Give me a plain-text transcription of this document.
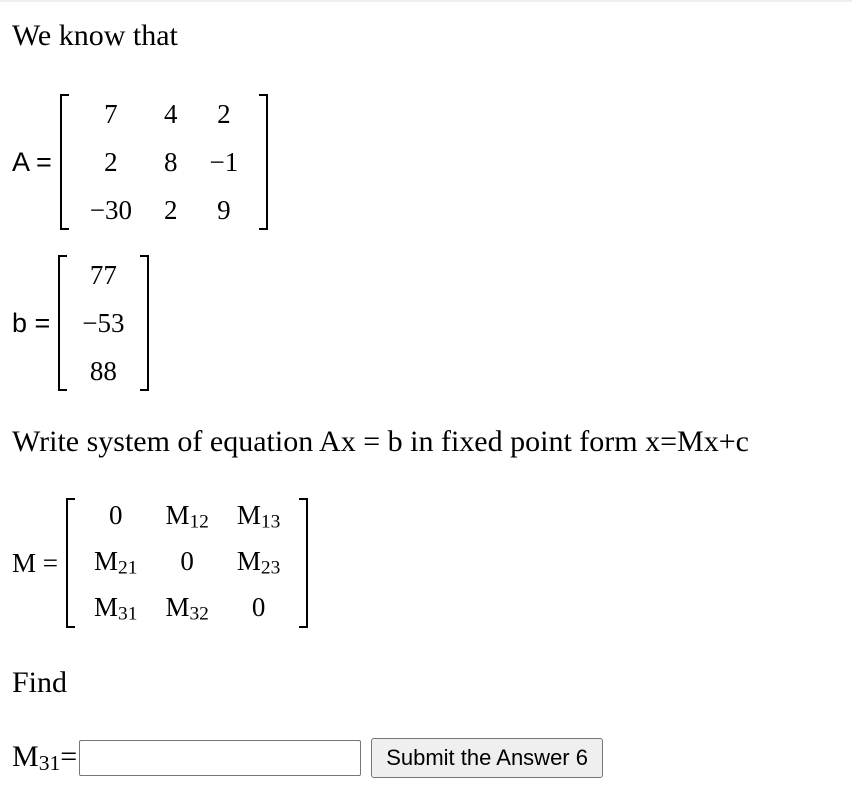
We know that
A =
7	4	2
2	8	−1
−30	2	9
b =
77
−53
88
Write system of equation Ax = b in fixed point form x=Mx+c
M =
0	$M_{12}$	$M_{13}$
$M_{21}$	0	$M_{23}$
$M_{31}$	$M_{32}$	0
Find
$M_{31}=$	Submit the Answer 6
